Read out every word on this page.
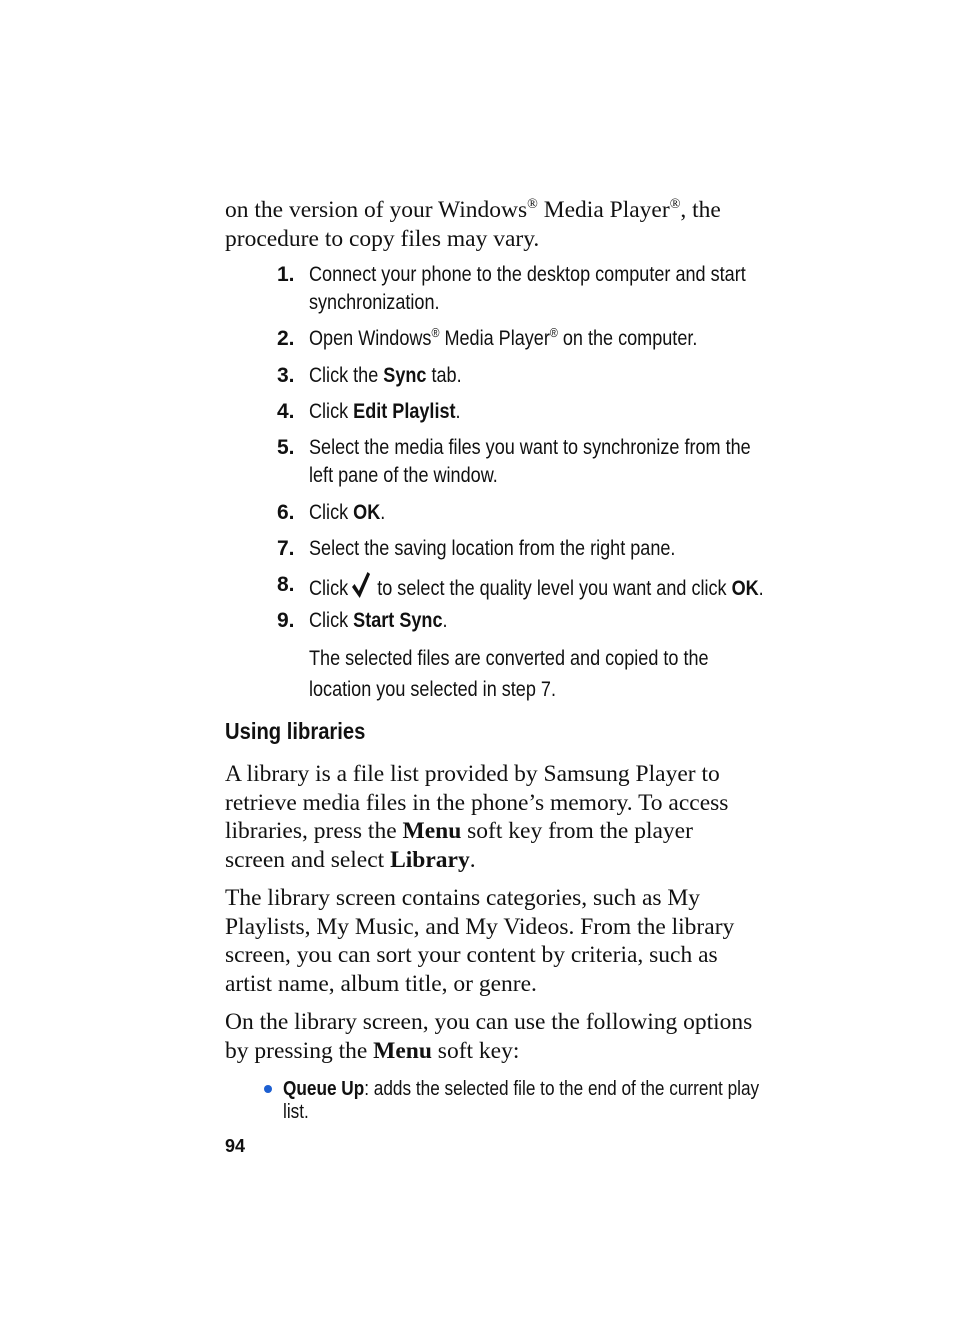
on the version of your Windows® Media Player®, the
procedure to copy files may vary.
1. Connect your phone to the desktop computer and start
synchronization.
2. Open Windows® Media Player® on the computer.
3. Click the Sync tab.
4. Click Edit Playlist.
5. Select the media files you want to synchronize from the
left pane of the window.
6. Click OK.
7. Select the saving location from the right pane.
8. Click to select the quality level you want and click OK.
9. Click Start Sync.
The selected files are converted and copied to the
location you selected in step 7.
Using libraries
A library is a file list provided by Samsung Player to
retrieve media files in the phone’s memory. To access
libraries, press the Menu soft key from the player
screen and select Library.
The library screen contains categories, such as My
Playlists, My Music, and My Videos. From the library
screen, you can sort your content by criteria, such as
artist name, album title, or genre.
On the library screen, you can use the following options
by pressing the Menu soft key:
Queue Up: adds the selected file to the end of the current play
list.
94
